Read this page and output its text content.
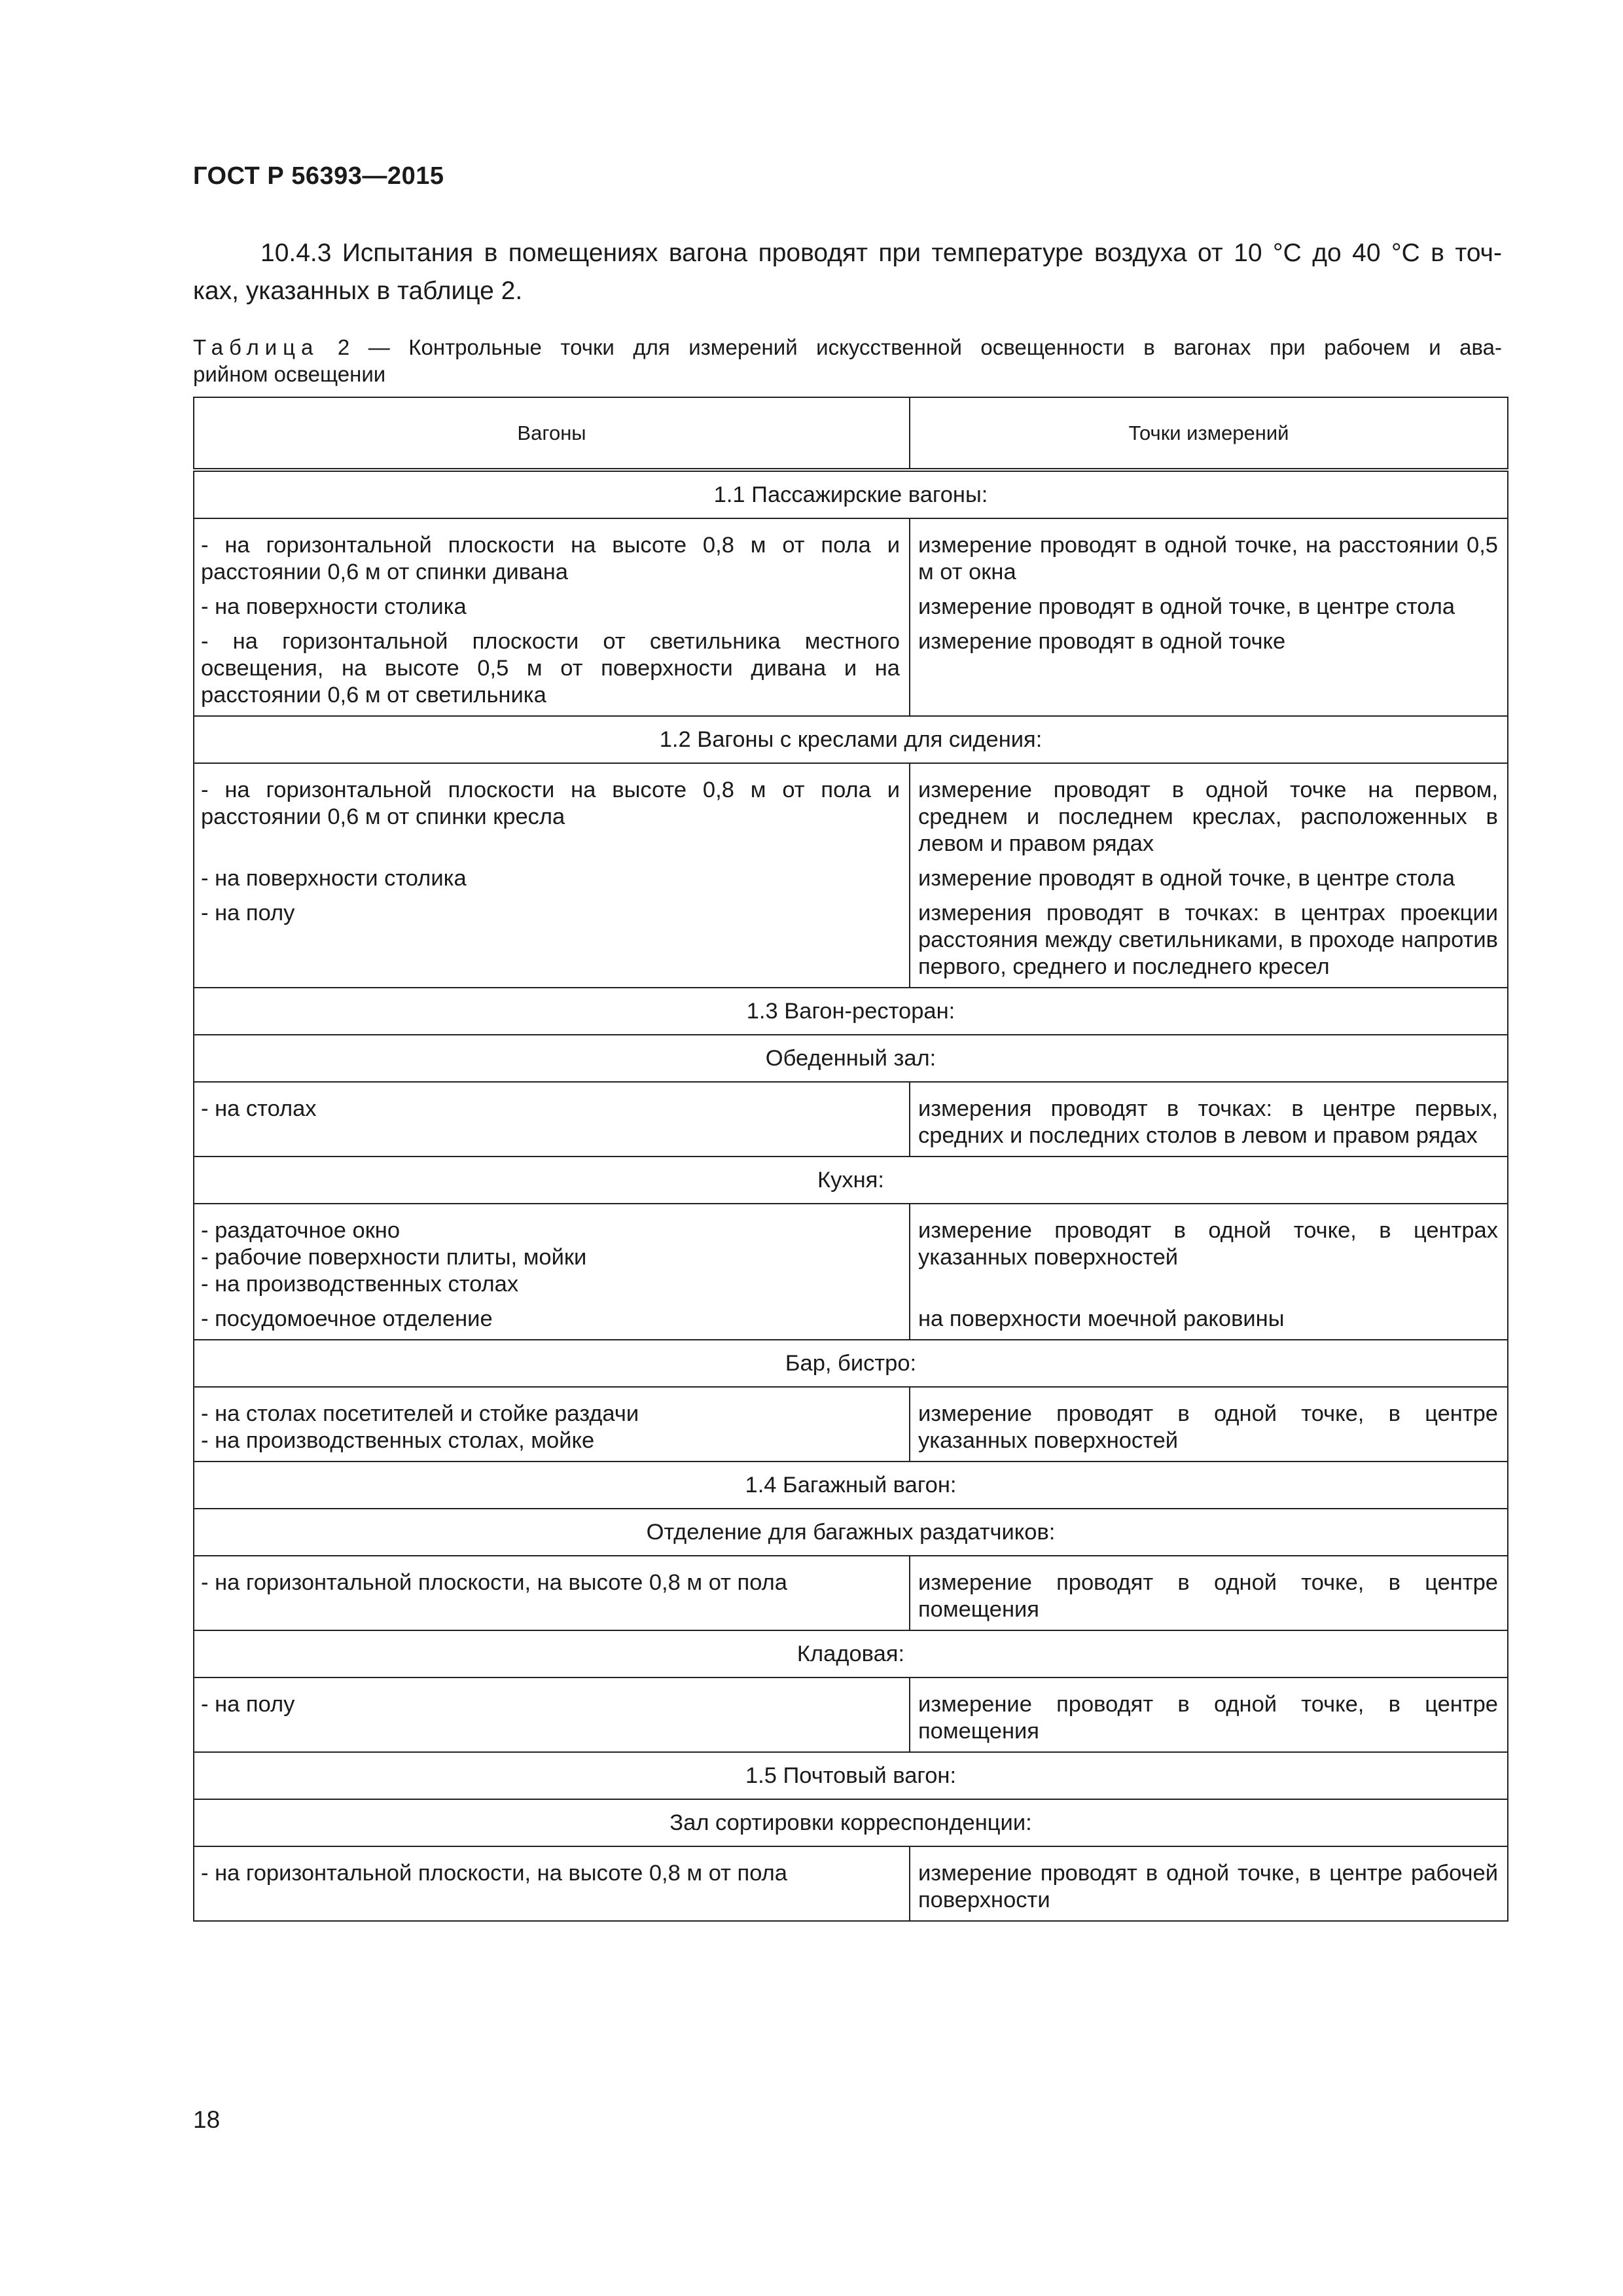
ГОСТ Р 56393—2015
10.4.3 Испытания в помещениях вагона проводят при температуре воздуха от 10 °С до 40 °С в точ-
ках, указанных в таблице 2.
Таблица 2 — Контрольные точки для измерений искусственной освещенности в вагонах при рабочем и ава-
рийном освещении
Вагоны	Точки измерений
1.1 Пассажирские вагоны:	
- на горизонтальной плоскости на высоте 0,8 м от пола и расстоянии 0,6 м от спинки дивана	измерение проводят в одной точке, на расстоянии 0,5 м от окна
- на поверхности столика	измерение проводят в одной точке, в центре стола
- на горизонтальной плоскости от светильника местного освещения, на высоте 0,5 м от поверхности дивана и на расстоянии 0,6 м от светильника	измерение проводят в одной точке
1.2 Вагоны с креслами для сидения:	
- на горизонтальной плоскости на высоте 0,8 м от пола и расстоянии 0,6 м от спинки кресла	измерение проводят в одной точке на первом, среднем и последнем креслах, расположенных в левом и правом рядах
- на поверхности столика	измерение проводят в одной точке, в центре стола
- на полу	измерения проводят в точках: в центрах проекции расстояния между светильниками, в проходе напротив первого, среднего и последнего кресел
1.3 Вагон-ресторан:	
Обеденный зал:	
- на столах	измерения проводят в точках: в центре первых, средних и последних столов в левом и правом рядах
Кухня:	

- раздаточное окно
- рабочие поверхности плиты, мойки
- на производственных столах	измерение проводят в одной точке, в центрах указанных поверхностей
- посудомоечное отделение	на поверхности моечной раковины
Бар, бистро:	

- на столах посетителей и стойке раздачи
- на производственных столах, мойке	измерение проводят в одной точке, в центре указанных поверхностей
1.4 Багажный вагон:	
Отделение для багажных раздатчиков:	
- на горизонтальной плоскости, на высоте 0,8 м от пола	измерение проводят в одной точке, в центре помещения
Кладовая:	
- на полу	измерение проводят в одной точке, в центре помещения
1.5 Почтовый вагон:	
Зал сортировки корреспонденции:	
- на горизонтальной плоскости, на высоте 0,8 м от пола	измерение проводят в одной точке, в центре рабочей поверхности
18
